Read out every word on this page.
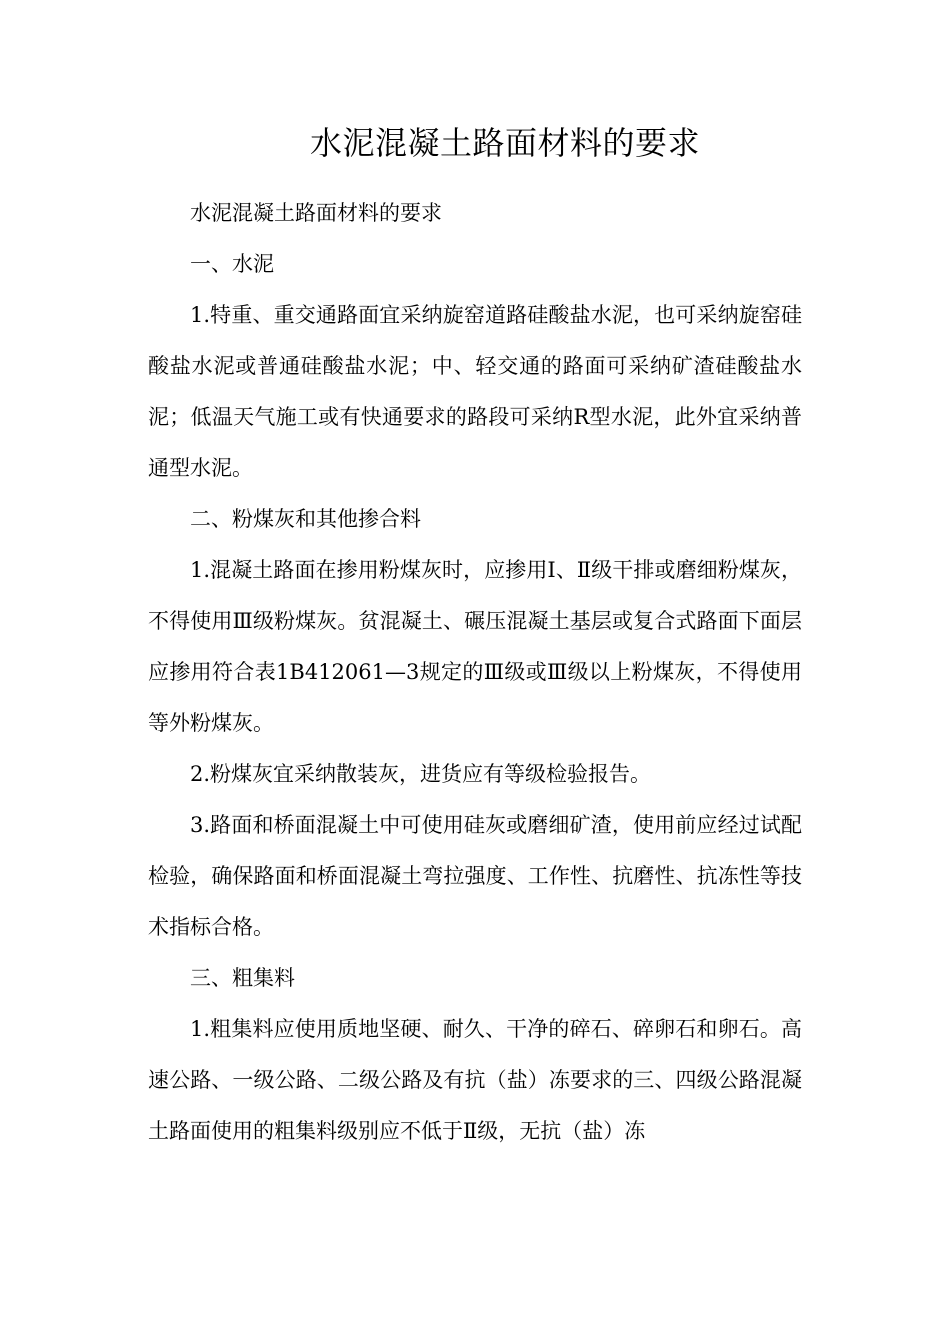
水泥混凝土路面材料的要求

水泥混凝土路面材料的要求

一、水泥

1.特重、重交通路面宜采纳旋窑道路硅酸盐水泥，也可采纳旋窑硅酸盐水泥或普通硅酸盐水泥；中、轻交通的路面可采纳矿渣硅酸盐水泥；低温天气施工或有快通要求的路段可采纳R型水泥，此外宜采纳普通型水泥。

二、粉煤灰和其他掺合料

1.混凝土路面在掺用粉煤灰时，应掺用I、Ⅱ级干排或磨细粉煤灰，不得使用Ⅲ级粉煤灰。贫混凝土、碾压混凝土基层或复合式路面下面层应掺用符合表1B412061—3规定的Ⅲ级或Ⅲ级以上粉煤灰，不得使用等外粉煤灰。

2.粉煤灰宜采纳散装灰，进货应有等级检验报告。

3.路面和桥面混凝土中可使用硅灰或磨细矿渣，使用前应经过试配检验，确保路面和桥面混凝土弯拉强度、工作性、抗磨性、抗冻性等技术指标合格。

三、粗集料

1.粗集料应使用质地坚硬、耐久、干净的碎石、碎卵石和卵石。高速公路、一级公路、二级公路及有抗（盐）冻要求的三、四级公路混凝土路面使用的粗集料级别应不低于Ⅱ级，无抗（盐）冻
